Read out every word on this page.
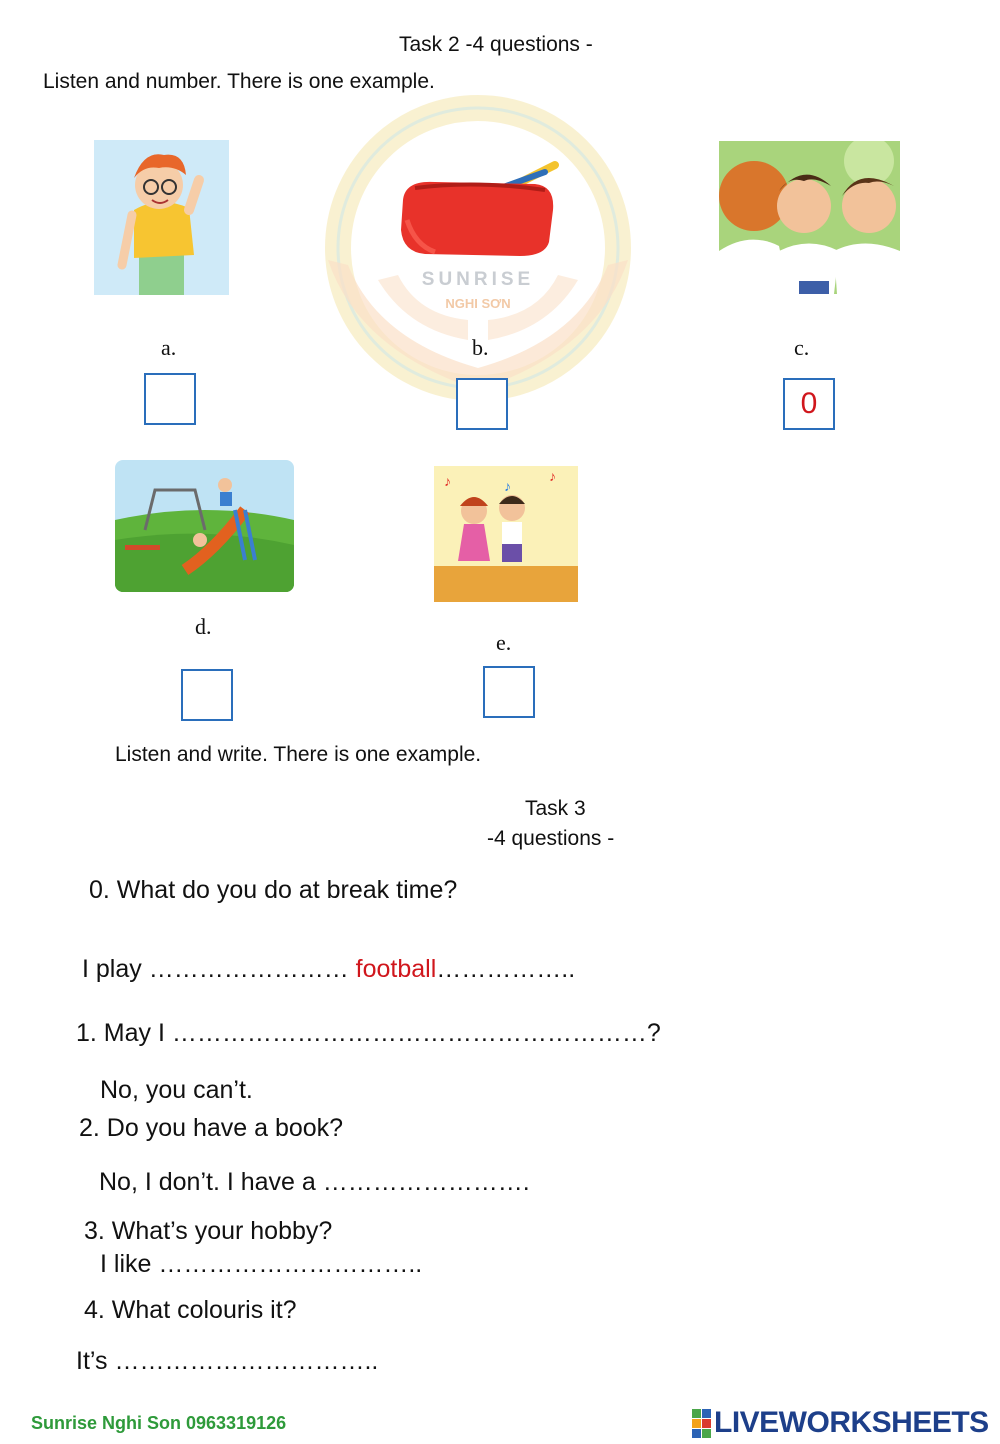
Task 2 -4 questions -
Listen and number. There is one example.
SUNRISE
NGHI SƠN
a.	b.	c.
0
♪	♪
♪
d.
e.
Listen and write. There is one example.
Task 3
-4 questions -
0. What do you do at break time?
I play …………………… football……………..
1. May I …………………………………………………?
No, you can’t.
2. Do you have a book?
No, I don’t. I have a …………………….
3. What’s your hobby?
I like …………………………..
4. What colouris it?
It’s …………………………..
Sunrise Nghi Son 0963319126	LIVEWORKSHEETS
